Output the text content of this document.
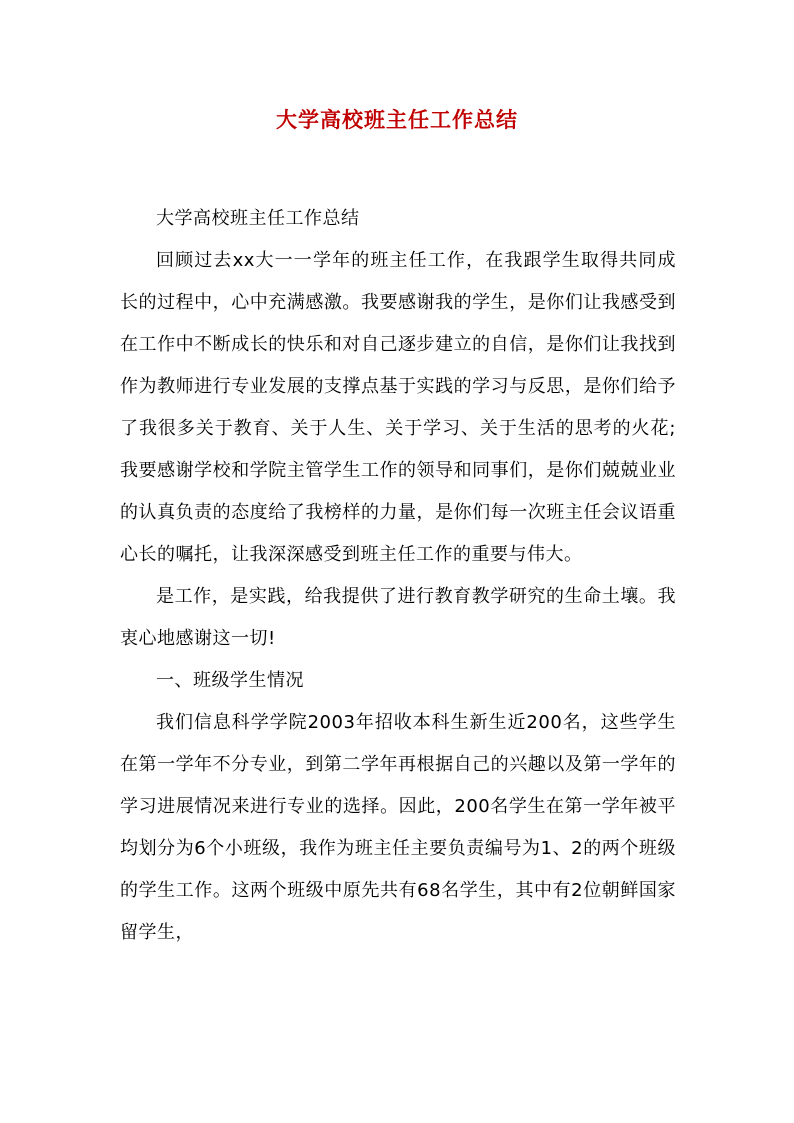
大学高校班主任工作总结

大学高校班主任工作总结

回顾过去xx大一一学年的班主任工作，在我跟学生取得共同成长的过程中，心中充满感激。我要感谢我的学生，是你们让我感受到在工作中不断成长的快乐和对自己逐步建立的自信，是你们让我找到作为教师进行专业发展的支撑点基于实践的学习与反思，是你们给予了我很多关于教育、关于人生、关于学习、关于生活的思考的火花;我要感谢学校和学院主管学生工作的领导和同事们，是你们兢兢业业的认真负责的态度给了我榜样的力量，是你们每一次班主任会议语重心长的嘱托，让我深深感受到班主任工作的重要与伟大。

是工作，是实践，给我提供了进行教育教学研究的生命土壤。我衷心地感谢这一切!

一、班级学生情况

我们信息科学学院2003年招收本科生新生近200名，这些学生在第一学年不分专业，到第二学年再根据自己的兴趣以及第一学年的学习进展情况来进行专业的选择。因此，200名学生在第一学年被平均划分为6个小班级，我作为班主任主要负责编号为1、2的两个班级的学生工作。这两个班级中原先共有68名学生，其中有2位朝鲜国家留学生，
